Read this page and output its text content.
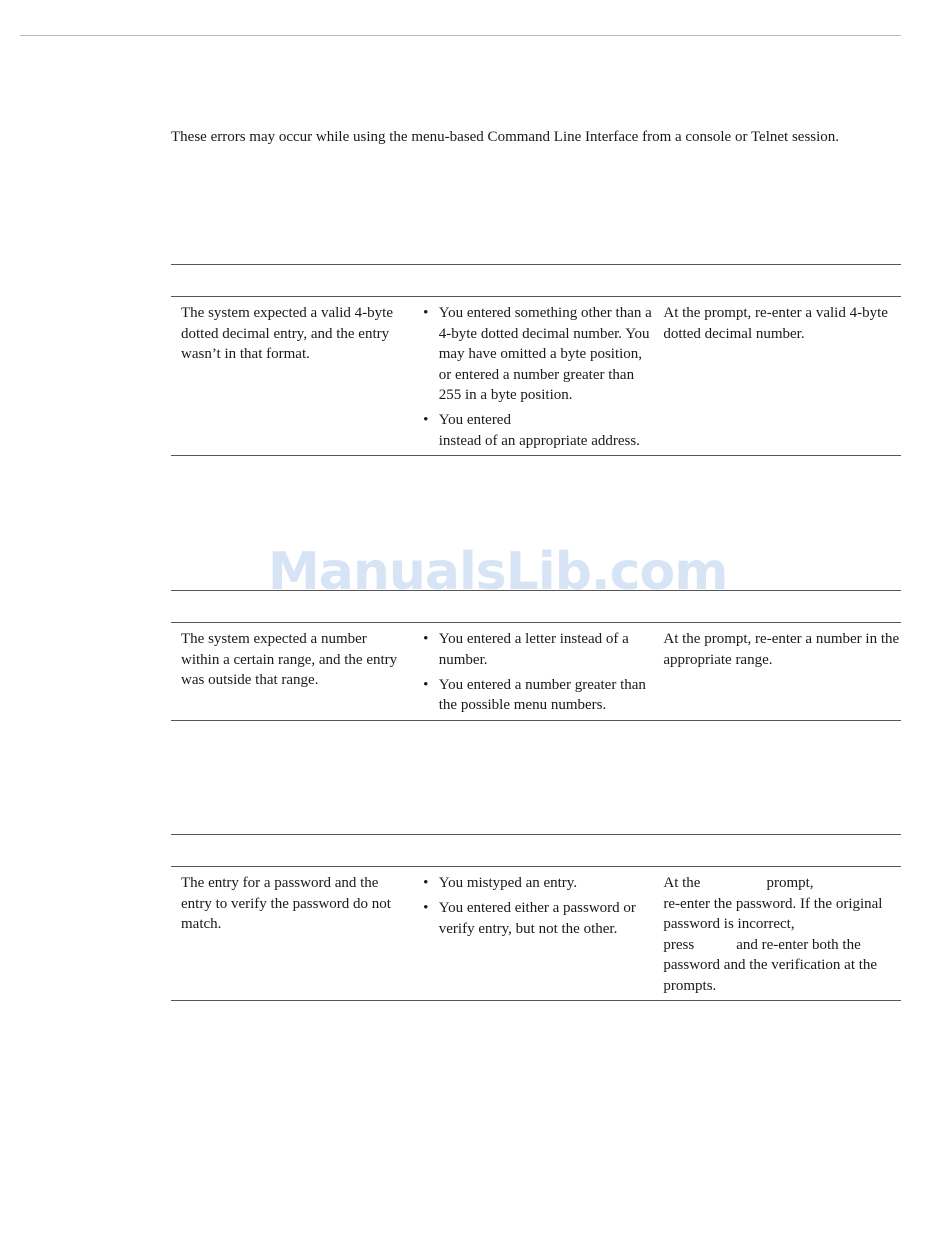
These errors may occur while using the menu-based Command Line Interface from a console or Telnet session.

The system expected a valid 4-byte dotted decimal entry, and the entry wasn’t in that format.
• You entered something other than a 4-byte dotted decimal number. You may have omitted a byte position, or entered a number greater than 255 in a byte position.
• You entered
instead of an appropriate address.
At the prompt, re-enter a valid 4-byte dotted decimal number.
The system expected a number within a certain range, and the entry was outside that range.
• You entered a letter instead of a number.
• You entered a number greater than the possible menu numbers.
At the prompt, re-enter a number in the appropriate range.
The entry for a password and the entry to verify the password do not match.
• You mistyped an entry.
• You entered either a password or verify entry, but not the other.
At the	prompt,
re-enter the password. If the original password is incorrect,
press	and re-enter both the password and the verification at the prompts.
ManualsLib.com
